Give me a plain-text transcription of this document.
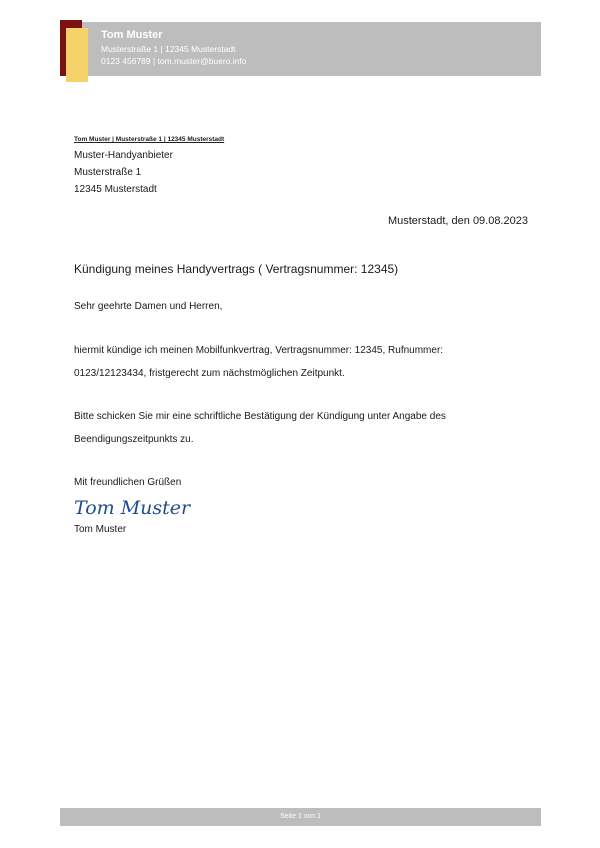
Tom Muster
Musterstraße 1 | 12345 Musterstadt
0123 456789 | tom.muster@buero.info
Tom Muster | Musterstraße 1 | 12345 Musterstadt
Muster-Handyanbieter
Musterstraße 1
12345 Musterstadt
Musterstadt, den 09.08.2023
Kündigung meines Handyvertrags ( Vertragsnummer: 12345)
Sehr geehrte Damen und Herren,
hiermit kündige ich meinen Mobilfunkvertrag, Vertragsnummer: 12345, Rufnummer:
0123/12123434, fristgerecht zum nächstmöglichen Zeitpunkt.
Bitte schicken Sie mir eine schriftliche Bestätigung der Kündigung unter Angabe des
Beendigungszeitpunkts zu.
Mit freundlichen Grüßen
Tom Muster
Tom Muster
Seite 1 von 1
